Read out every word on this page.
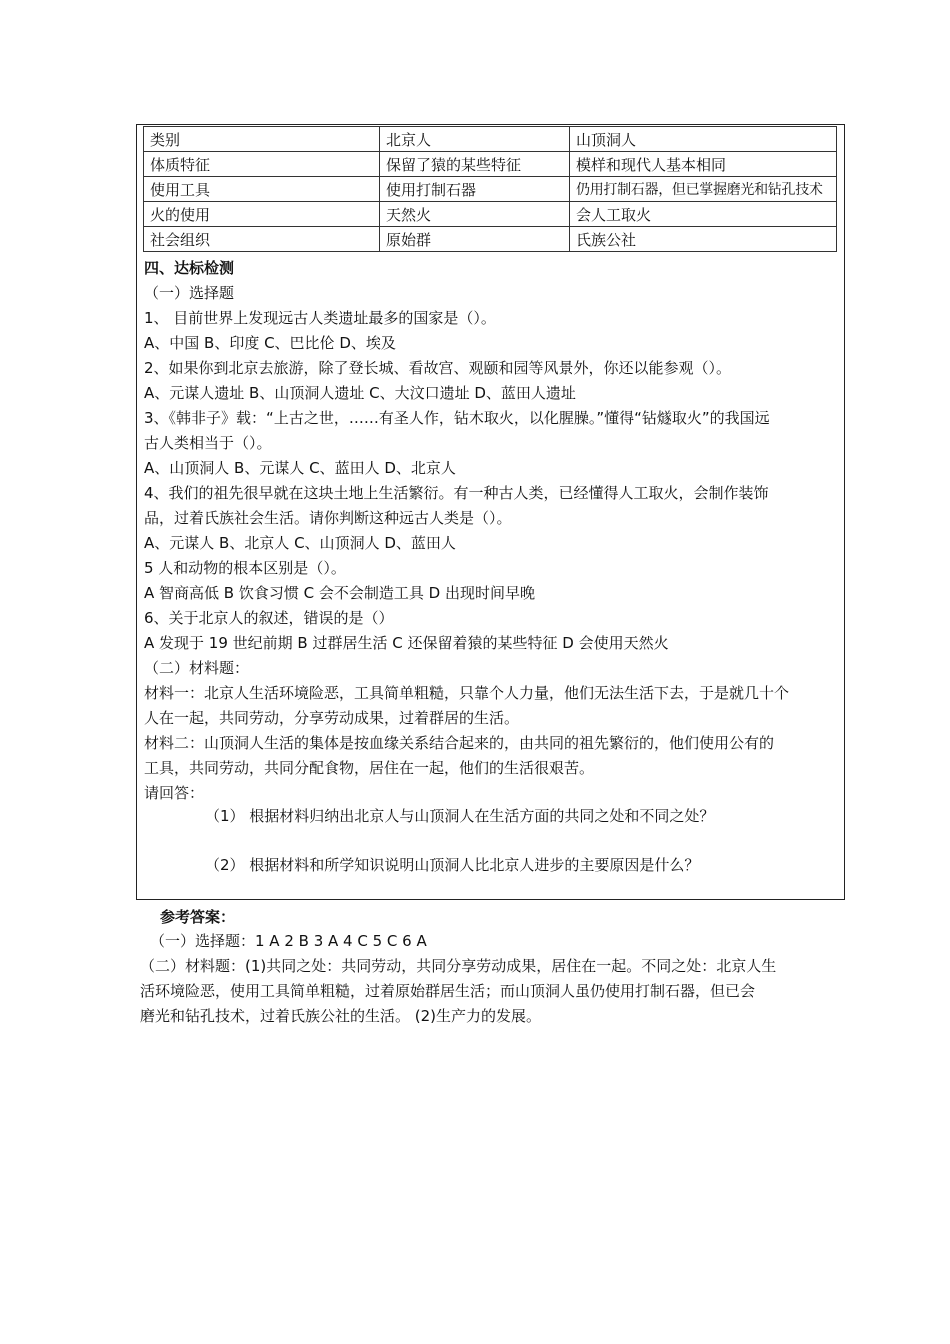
类别	北京人	山顶洞人
体质特征	保留了猿的某些特征	模样和现代人基本相同
使用工具	使用打制石器	仍用打制石器，但已掌握磨光和钻孔技术
火的使用	天然火	会人工取火
社会组织	原始群	氏族公社
四、达标检测
（一）选择题
1、 目前世界上发现远古人类遗址最多的国家是（）。
A、中国 B、印度 C、巴比伦 D、埃及
2、如果你到北京去旅游，除了登长城、看故宫、观颐和园等风景外，你还以能参观（）。
A、元谋人遗址 B、山顶洞人遗址 C、大汶口遗址 D、蓝田人遗址
3、《韩非子》载：“上古之世，……有圣人作，钻木取火，以化腥臊。”懂得“钻燧取火”的我国远
古人类相当于（）。
A、山顶洞人 B、元谋人 C、蓝田人 D、北京人
4、我们的祖先很早就在这块土地上生活繁衍。有一种古人类，已经懂得人工取火，会制作装饰
品，过着氏族社会生活。请你判断这种远古人类是（）。
A、元谋人 B、北京人 C、山顶洞人 D、蓝田人
5 人和动物的根本区别是（）。
A 智商高低 B 饮食习惯 C 会不会制造工具 D 出现时间早晚
6、关于北京人的叙述，错误的是（）
A 发现于 19 世纪前期 B 过群居生活 C 还保留着猿的某些特征 D 会使用天然火
（二）材料题：
材料一：北京人生活环境险恶，工具简单粗糙，只靠个人力量，他们无法生活下去，于是就几十个
人在一起，共同劳动，分享劳动成果，过着群居的生活。
材料二：山顶洞人生活的集体是按血缘关系结合起来的，由共同的祖先繁衍的，他们使用公有的
工具，共同劳动，共同分配食物，居住在一起，他们的生活很艰苦。
请回答：
（1） 根据材料归纳出北京人与山顶洞人在生活方面的共同之处和不同之处？
（2） 根据材料和所学知识说明山顶洞人比北京人进步的主要原因是什么？
参考答案：
（一）选择题：1 A 2 B 3 A 4 C 5 C 6 A
（二）材料题：(1)共同之处：共同劳动，共同分享劳动成果，居住在一起。不同之处：北京人生
活环境险恶，使用工具简单粗糙，过着原始群居生活；而山顶洞人虽仍使用打制石器，但已会
磨光和钻孔技术，过着氏族公社的生活。 (2)生产力的发展。
